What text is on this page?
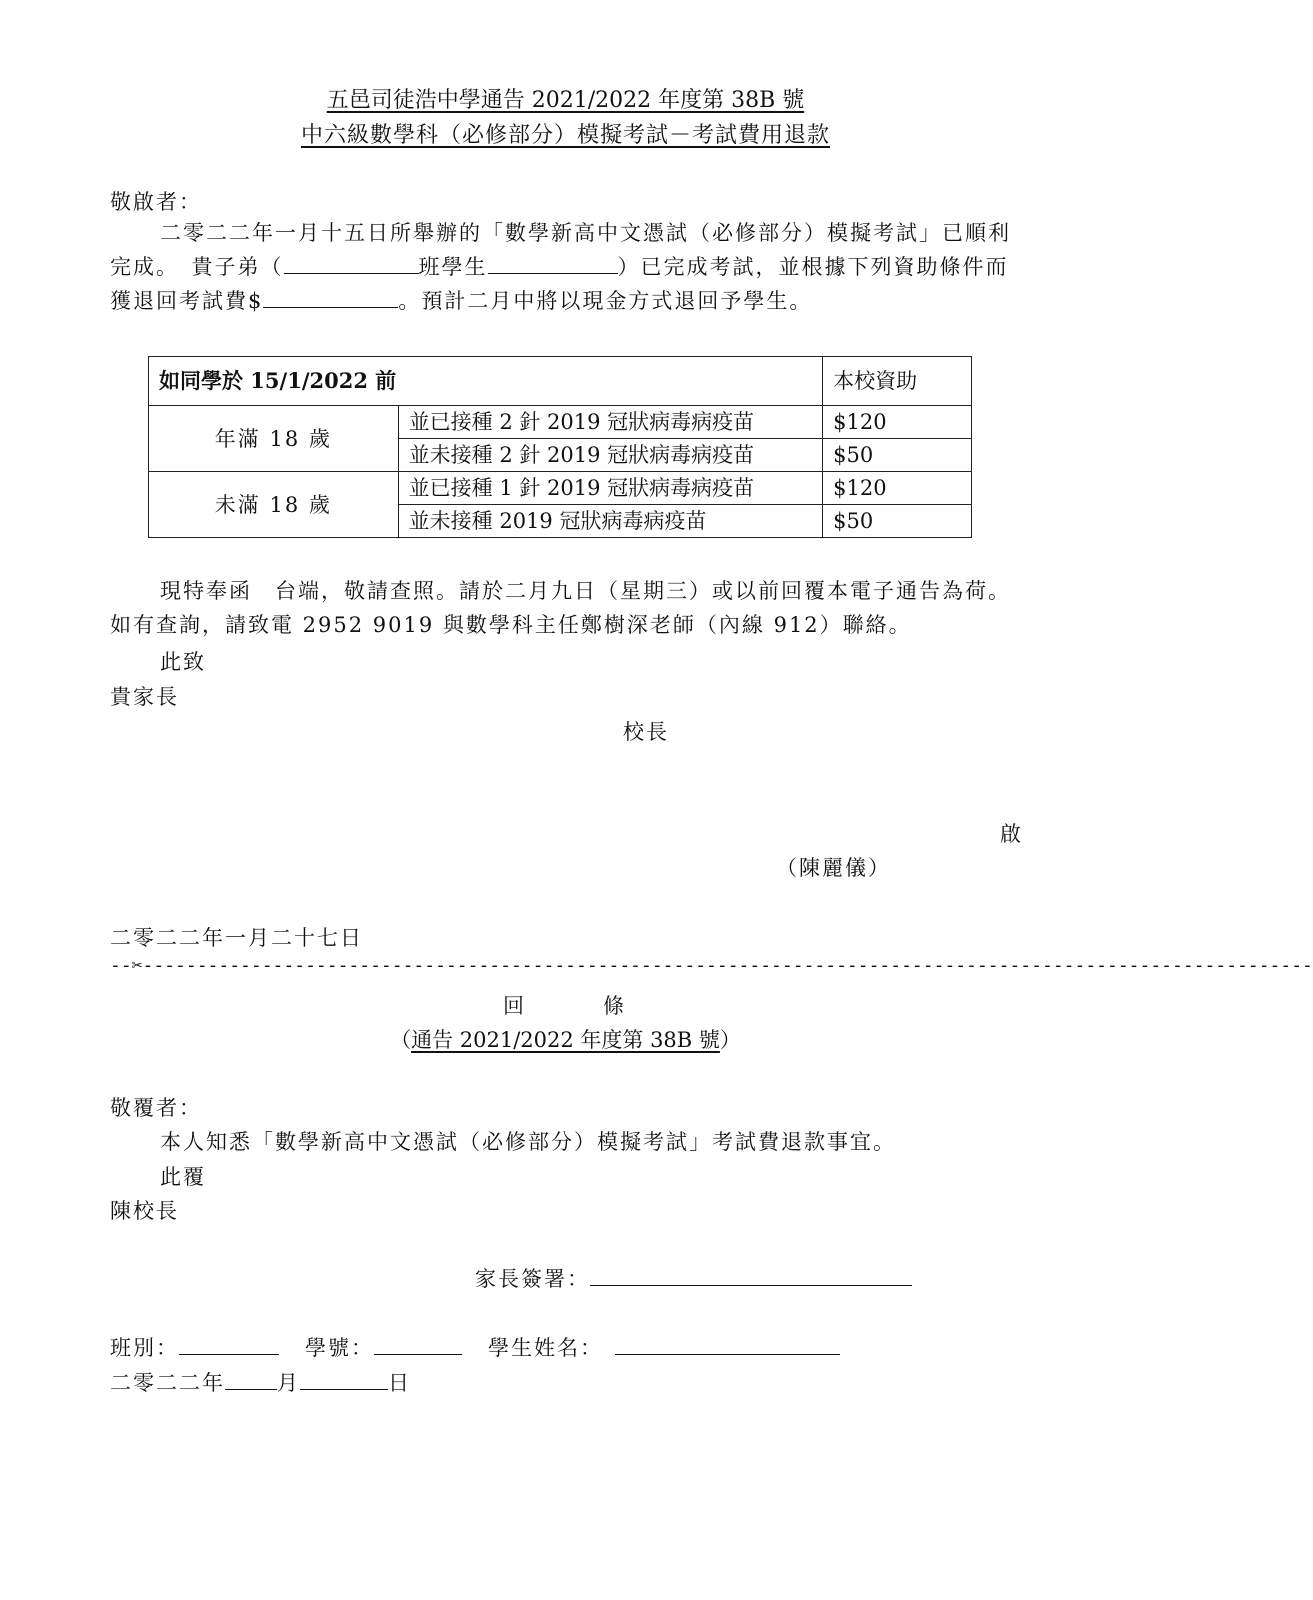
五邑司徒浩中學通告 2021/2022 年度第 38B 號
中六級數學科（必修部分）模擬考試－考試費用退款
敬啟者：
二零二二年一月十五日所舉辦的「數學新高中文憑試（必修部分）模擬考試」已順利完成。　貴子弟（	班學生	）已完成考試，並根據下列資助條件而獲退回考試費$	。預計二月中將以現金方式退回予學生。
如同學於 15/1/2022 前		本校資助
年滿 18 歲	並已接種 2 針 2019 冠狀病毒病疫苗	$120
	並未接種 2 針 2019 冠狀病毒病疫苗	$50
未滿 18 歲	並已接種 1 針 2019 冠狀病毒病疫苗	$120
	並未接種 2019 冠狀病毒病疫苗	$50
現特奉函　台端，敬請查照。請於二月九日（星期三）或以前回覆本電子通告為荷。如有查詢，請致電 2952 9019 與數學科主任鄭樹深老師（內線 912）聯絡。
此致
貴家長
校長
啟
（陳麗儀）
二零二二年一月二十七日
--✂------------------------------------------------------------------------------------------------------------
回　　　條
（通告 2021/2022 年度第 38B 號）
敬覆者：
本人知悉「數學新高中文憑試（必修部分）模擬考試」考試費退款事宜。
此覆
陳校長
家長簽署：
班別：	學號：	學生姓名：
二零二二年 月	日
